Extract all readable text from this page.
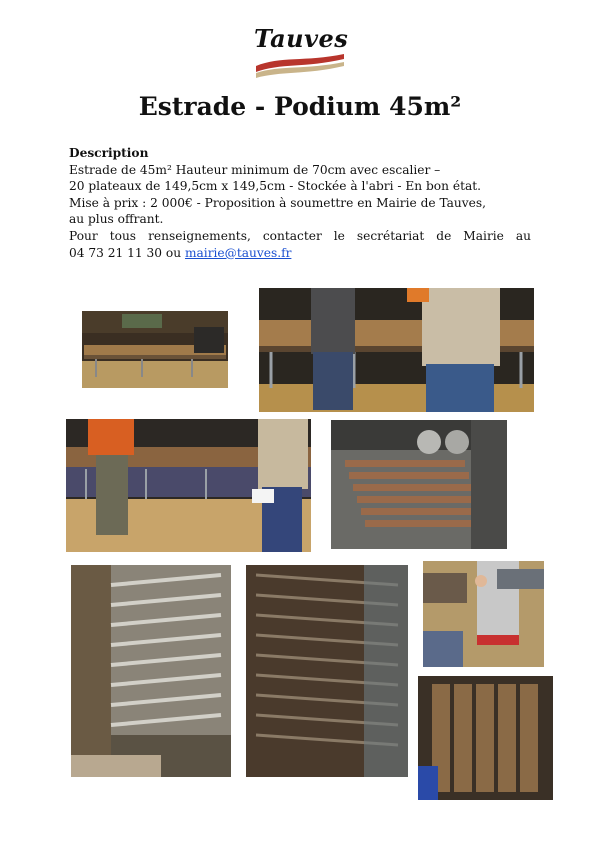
Tauves
Estrade - Podium 45m²

Description

Estrade de 45m² Hauteur minimum de 70cm avec escalier –

20 plateaux de 149,5cm x 149,5cm - Stockée à l'abri - En bon état.

Mise à prix : 2 000€ - Proposition à soumettre en Mairie de Tauves,

au plus offrant.

Pour tous renseignements, contacter le secrétariat de Mairie au

04 73 21 11 30 ou mairie@tauves.fr
